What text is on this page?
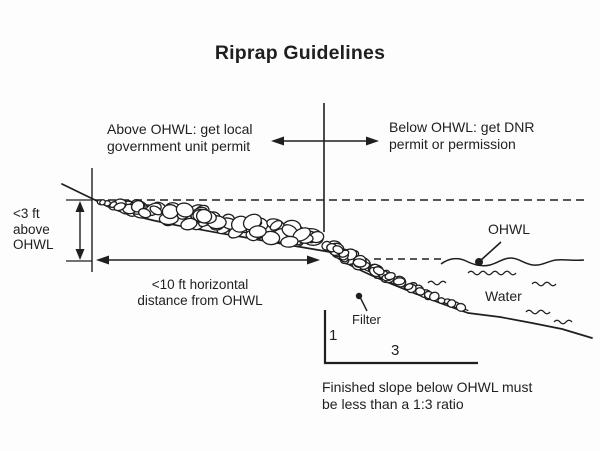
Riprap Guidelines
Above OHWL: get local
government unit permit
Below OHWL: get DNR
permit or permission
<3 ft
above
OHWL
<10 ft horizontal
distance from OHWL
OHWL
Water
Filter
1
3
Finished slope below OHWL must
be less than a 1:3 ratio
